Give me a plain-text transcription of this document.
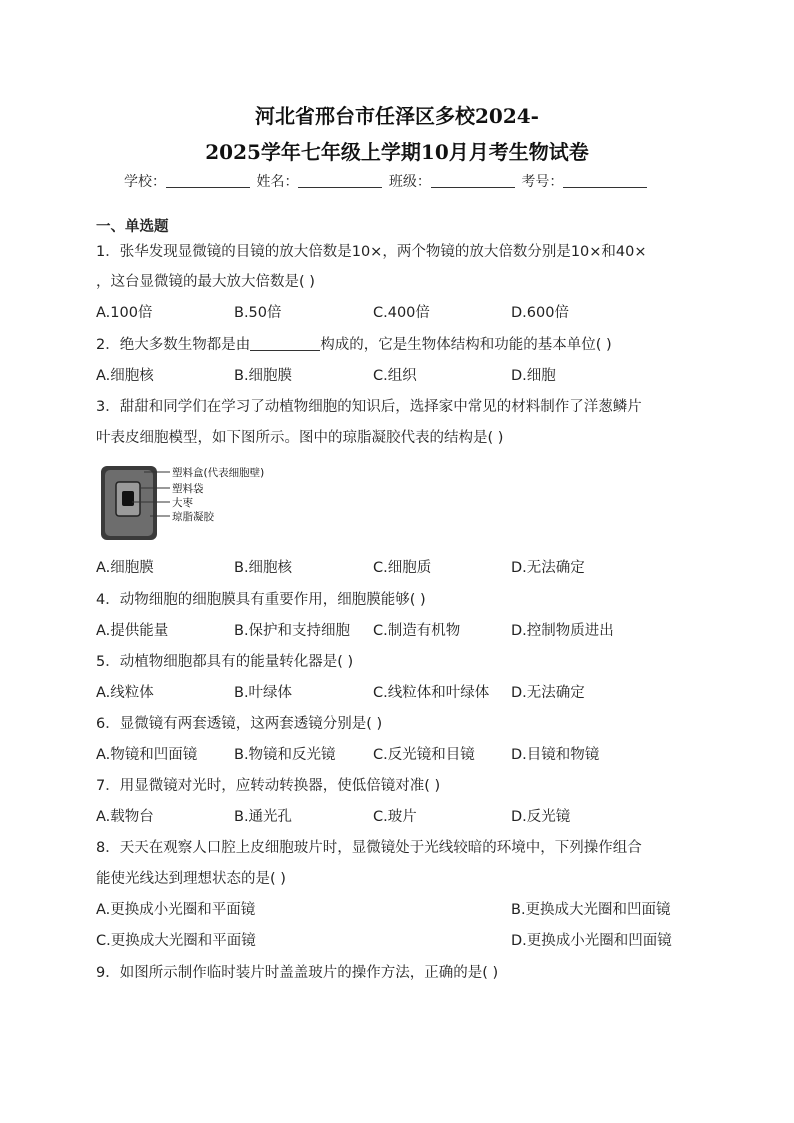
河北省邢台市任泽区多校2024-
2025学年七年级上学期10月月考生物试卷
学校：	姓名：	班级：	考号：
一、单选题
1．张华发现显微镜的目镜的放大倍数是10×，两个物镜的放大倍数分别是10×和40×
，这台显微镜的最大放大倍数是( )
A.100倍	B.50倍	C.400倍	D.600倍
2．绝大多数生物都是由	构成的，它是生物体结构和功能的基本单位( )
A.细胞核	B.细胞膜	C.组织	D.细胞
3．甜甜和同学们在学习了动植物细胞的知识后，选择家中常见的材料制作了洋葱鳞片
叶表皮细胞模型，如下图所示。图中的琼脂凝胶代表的结构是( )
塑料盒(代表细胞壁)
塑料袋
大枣
琼脂凝胶
A.细胞膜	B.细胞核	C.细胞质	D.无法确定
4．动物细胞的细胞膜具有重要作用，细胞膜能够( )
A.提供能量	B.保护和支持细胞 C.制造有机物	D.控制物质进出
5．动植物细胞都具有的能量转化器是( )
A.线粒体	B.叶绿体	C.线粒体和叶绿体 D.无法确定
6．显微镜有两套透镜，这两套透镜分别是( )
A.物镜和凹面镜	B.物镜和反光镜	C.反光镜和目镜	D.目镜和物镜
7．用显微镜对光时，应转动转换器，使低倍镜对准( )
A.载物台	B.通光孔	C.玻片	D.反光镜
8．天天在观察人口腔上皮细胞玻片时，显微镜处于光线较暗的环境中，下列操作组合
能使光线达到理想状态的是( )
A.更换成小光圈和平面镜	B.更换成大光圈和凹面镜
C.更换成大光圈和平面镜	D.更换成小光圈和凹面镜
9．如图所示制作临时装片时盖盖玻片的操作方法，正确的是( )
